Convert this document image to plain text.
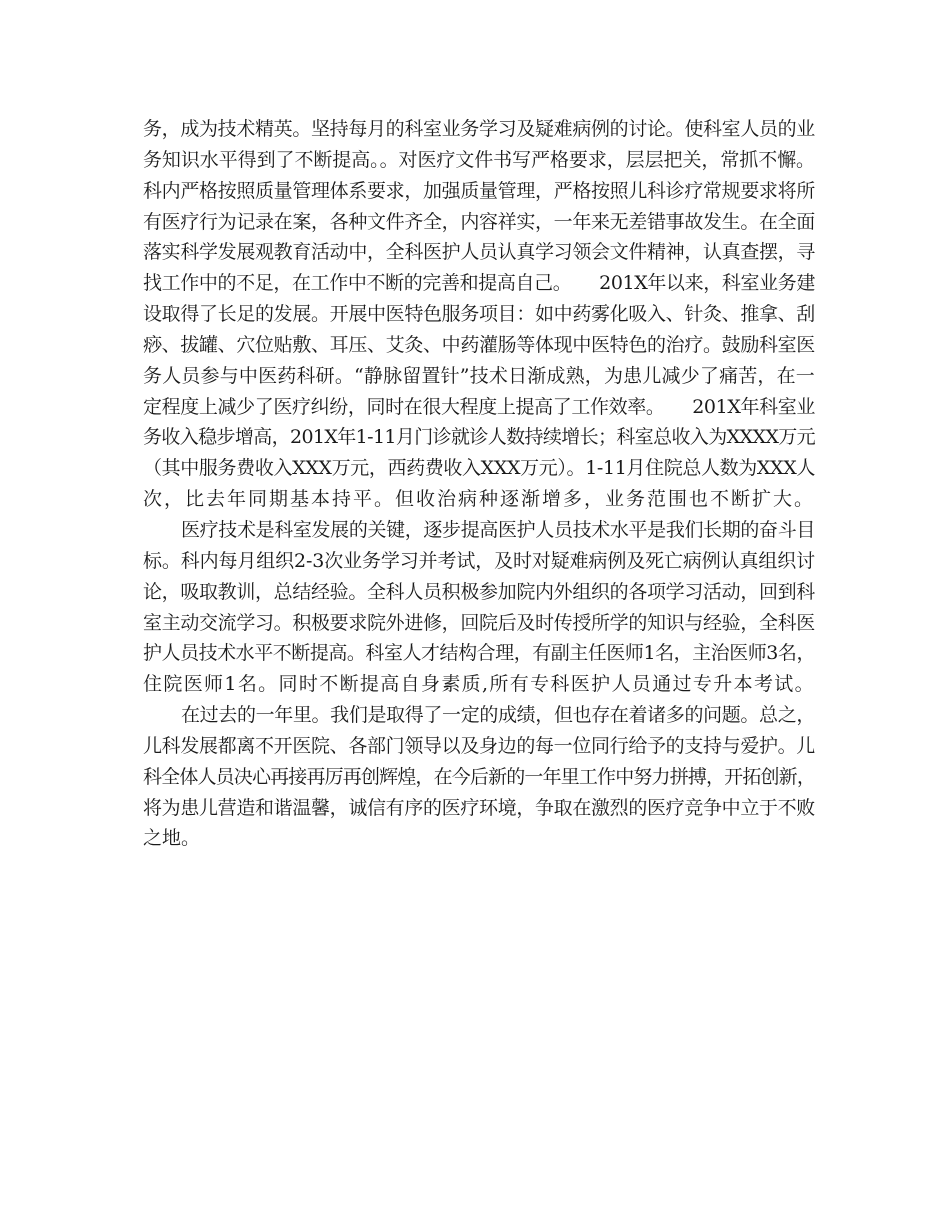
务，成为技术精英。坚持每月的科室业务学习及疑难病例的讨论。使科室人员的业
务知识水平得到了不断提高。。对医疗文件书写严格要求，层层把关，常抓不懈。
科内严格按照质量管理体系要求，加强质量管理，严格按照儿科诊疗常规要求将所
有医疗行为记录在案，各种文件齐全，内容祥实，一年来无差错事故发生。在全面
落实科学发展观教育活动中，全科医护人员认真学习领会文件精神，认真查摆，寻
找工作中的不足，在工作中不断的完善和提高自己。　　201X年以来，科室业务建
设取得了长足的发展。开展中医特色服务项目：如中药雾化吸入、针灸、推拿、刮
痧、拔罐、穴位贴敷、耳压、艾灸、中药灌肠等体现中医特色的治疗。鼓励科室医
务人员参与中医药科研。“静脉留置针”技术日渐成熟，为患儿减少了痛苦，在一
定程度上减少了医疗纠纷，同时在很大程度上提高了工作效率。　　201X年科室业
务收入稳步增高，201X年1-11月门诊就诊人数持续增长；科室总收入为XXXX万元
（其中服务费收入XXX万元，西药费收入XXX万元）。1-11月住院总人数为XXX人
次，比去年同期基本持平。但收治病种逐渐增多，业务范围也不断扩大。
医疗技术是科室发展的关键，逐步提高医护人员技术水平是我们长期的奋斗目
标。科内每月组织2-3次业务学习并考试，及时对疑难病例及死亡病例认真组织讨
论，吸取教训，总结经验。全科人员积极参加院内外组织的各项学习活动，回到科
室主动交流学习。积极要求院外进修，回院后及时传授所学的知识与经验，全科医
护人员技术水平不断提高。科室人才结构合理，有副主任医师1名，主治医师3名，
住院医师1名。同时不断提高自身素质,所有专科医护人员通过专升本考试。
在过去的一年里。我们是取得了一定的成绩，但也存在着诸多的问题。总之，
儿科发展都离不开医院、各部门领导以及身边的每一位同行给予的支持与爱护。儿
科全体人员决心再接再厉再创辉煌，在今后新的一年里工作中努力拼搏，开拓创新，
将为患儿营造和谐温馨，诚信有序的医疗环境，争取在激烈的医疗竞争中立于不败
之地。
